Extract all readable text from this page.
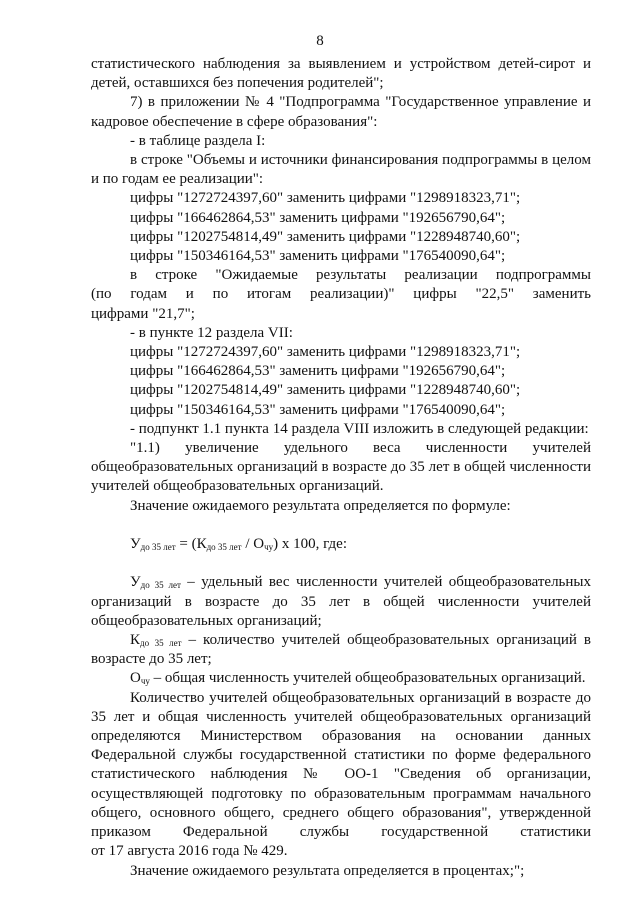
8

статистического наблюдения за выявлением и устройством детей-сирот и

детей, оставшихся без попечения родителей";

7) в приложении № 4 "Подпрограмма "Государственное управление и

кадровое обеспечение в сфере образования":

- в таблице раздела I:

в строке "Объемы и источники финансирования подпрограммы в целом

и по годам ее реализации":

цифры "1272724397,60" заменить цифрами "1298918323,71";

цифры "166462864,53" заменить цифрами "192656790,64";

цифры "1202754814,49" заменить цифрами "1228948740,60";

цифры "150346164,53" заменить цифрами "176540090,64";

в строке "Ожидаемые результаты реализации подпрограммы

(по годам и по итогам реализации)" цифры "22,5" заменить

цифрами "21,7";

- в пункте 12 раздела VII:

цифры "1272724397,60" заменить цифрами "1298918323,71";

цифры "166462864,53" заменить цифрами "192656790,64";

цифры "1202754814,49" заменить цифрами "1228948740,60";

цифры "150346164,53" заменить цифрами "176540090,64";

- подпункт 1.1 пункта 14 раздела VIII изложить в следующей редакции:

"1.1) увеличение удельного веса численности учителей

общеобразовательных организаций в возрасте до 35 лет в общей численности

учителей общеобразовательных организаций.

Значение ожидаемого результата определяется по формуле:

$У_{до 35 лет} = (К_{до 35 лет} / О_{чу})$ х 100, где:

$У_{до 35 лет}$ – удельный вес численности учителей общеобразовательных

организаций в возрасте до 35 лет в общей численности учителей

общеобразовательных организаций;

$К_{до 35 лет}$ – количество учителей общеобразовательных организаций в

возрасте до 35 лет;

$О_{чу}$ – общая численность учителей общеобразовательных организаций.

Количество учителей общеобразовательных организаций в возрасте до

35 лет и общая численность учителей общеобразовательных организаций

определяются Министерством образования на основании данных

Федеральной службы государственной статистики по форме федерального

статистического наблюдения № ОО-1 "Сведения об организации,

осуществляющей подготовку по образовательным программам начального

общего, основного общего, среднего общего образования", утвержденной

приказом Федеральной службы государственной статистики

от 17 августа 2016 года № 429.

Значение ожидаемого результата определяется в процентах;";
